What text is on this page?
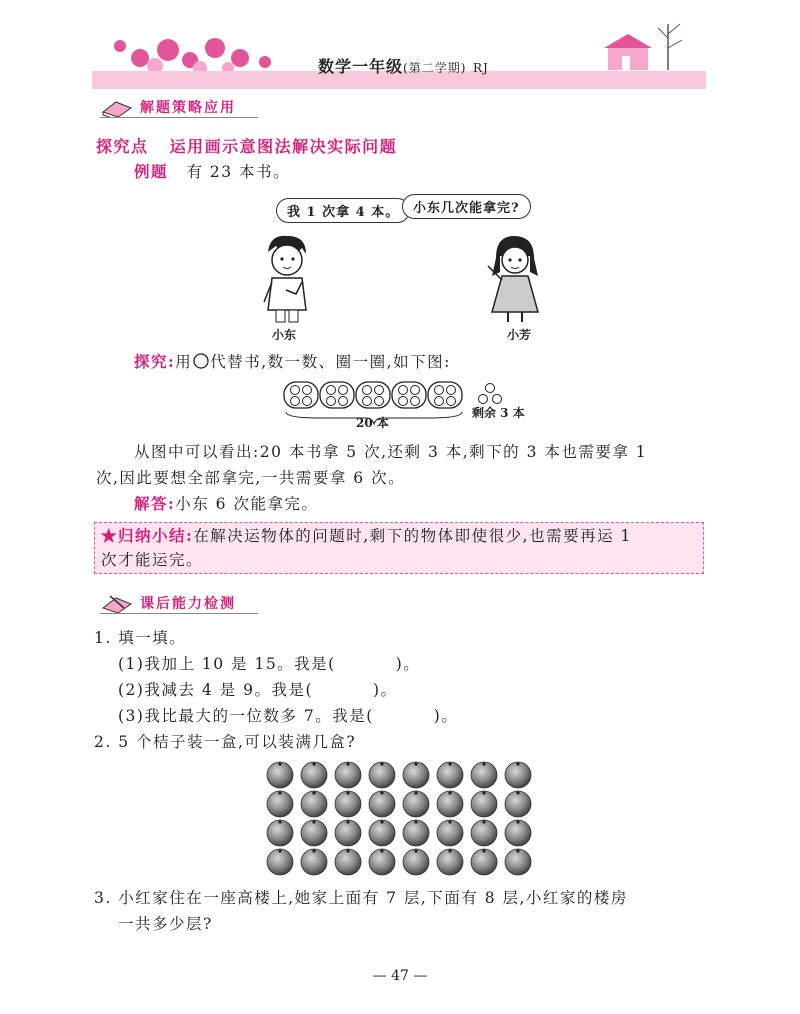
数学一年级(第二学期) RJ
解题策略应用
探究点 运用画示意图法解决实际问题
例题 有 23 本书。
我 1 次拿 4 本。	小东几次能拿完?
小东	小芳
探究:用 代替书,数一数、圈一圈,如下图:
20 本
剩余 3 本
从图中可以看出:20 本书拿 5 次,还剩 3 本,剩下的 3 本也需要拿 1
次,因此要想全部拿完,一共需要拿 6 次。
解答:小东 6 次能拿完。
★归纳小结:在解决运物体的问题时,剩下的物体即使很少,也需要再运 1
次才能运完。
课后能力检测
1. 填一填。
(1)我加上 10 是 15。我是(	)。
(2)我减去 4 是 9。我是(	)。
(3)我比最大的一位数多 7。我是(	)。
2. 5 个桔子装一盒,可以装满几盒?
3. 小红家住在一座高楼上,她家上面有 7 层,下面有 8 层,小红家的楼房
一共多少层?
— 47 —
